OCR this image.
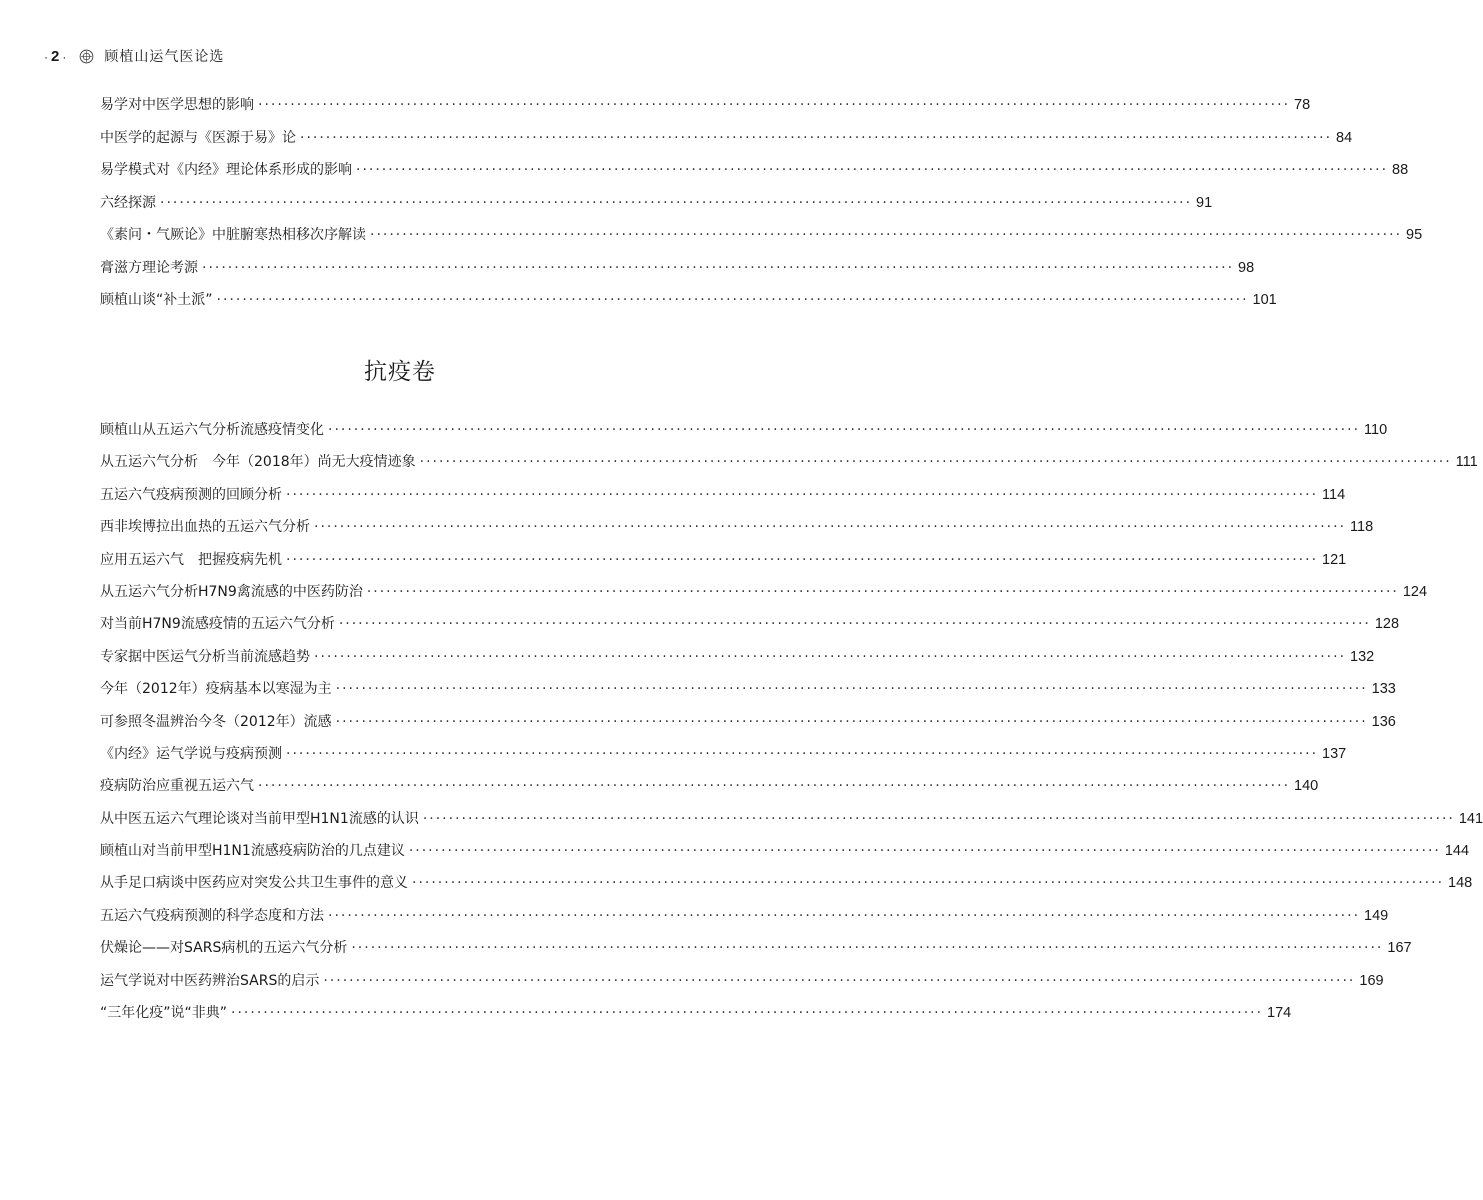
· 2 ·	顾植山运气医论选
易学对中医学思想的影响 ································································································································································ 78
中医学的起源与《医源于易》论 ································································································································································ 84
易学模式对《内经》理论体系形成的影响 ································································································································································ 88
六经探源 ································································································································································ 91
《素问・气厥论》中脏腑寒热相移次序解读 ································································································································································ 95
膏滋方理论考源 ································································································································································ 98
顾植山谈“补土派” ································································································································································ 101
抗疫卷
顾植山从五运六气分析流感疫情变化 ································································································································································ 110
从五运六气分析　今年（2018年）尚无大疫情迹象 ································································································································································ 111
五运六气疫病预测的回顾分析 ································································································································································ 114
西非埃博拉出血热的五运六气分析 ································································································································································ 118
应用五运六气　把握疫病先机 ································································································································································ 121
从五运六气分析H7N9禽流感的中医药防治 ································································································································································ 124
对当前H7N9流感疫情的五运六气分析 ································································································································································ 128
专家据中医运气分析当前流感趋势 ································································································································································ 132
今年（2012年）疫病基本以寒湿为主 ································································································································································ 133
可参照冬温辨治今冬（2012年）流感 ································································································································································ 136
《内经》运气学说与疫病预测 ································································································································································ 137
疫病防治应重视五运六气 ································································································································································ 140
从中医五运六气理论谈对当前甲型H1N1流感的认识 ································································································································································ 141
顾植山对当前甲型H1N1流感疫病防治的几点建议 ································································································································································ 144
从手足口病谈中医药应对突发公共卫生事件的意义 ································································································································································ 148
五运六气疫病预测的科学态度和方法 ································································································································································ 149
伏燥论——对SARS病机的五运六气分析 ································································································································································ 167
运气学说对中医药辨治SARS的启示 ································································································································································ 169
“三年化疫”说“非典” ································································································································································ 174
